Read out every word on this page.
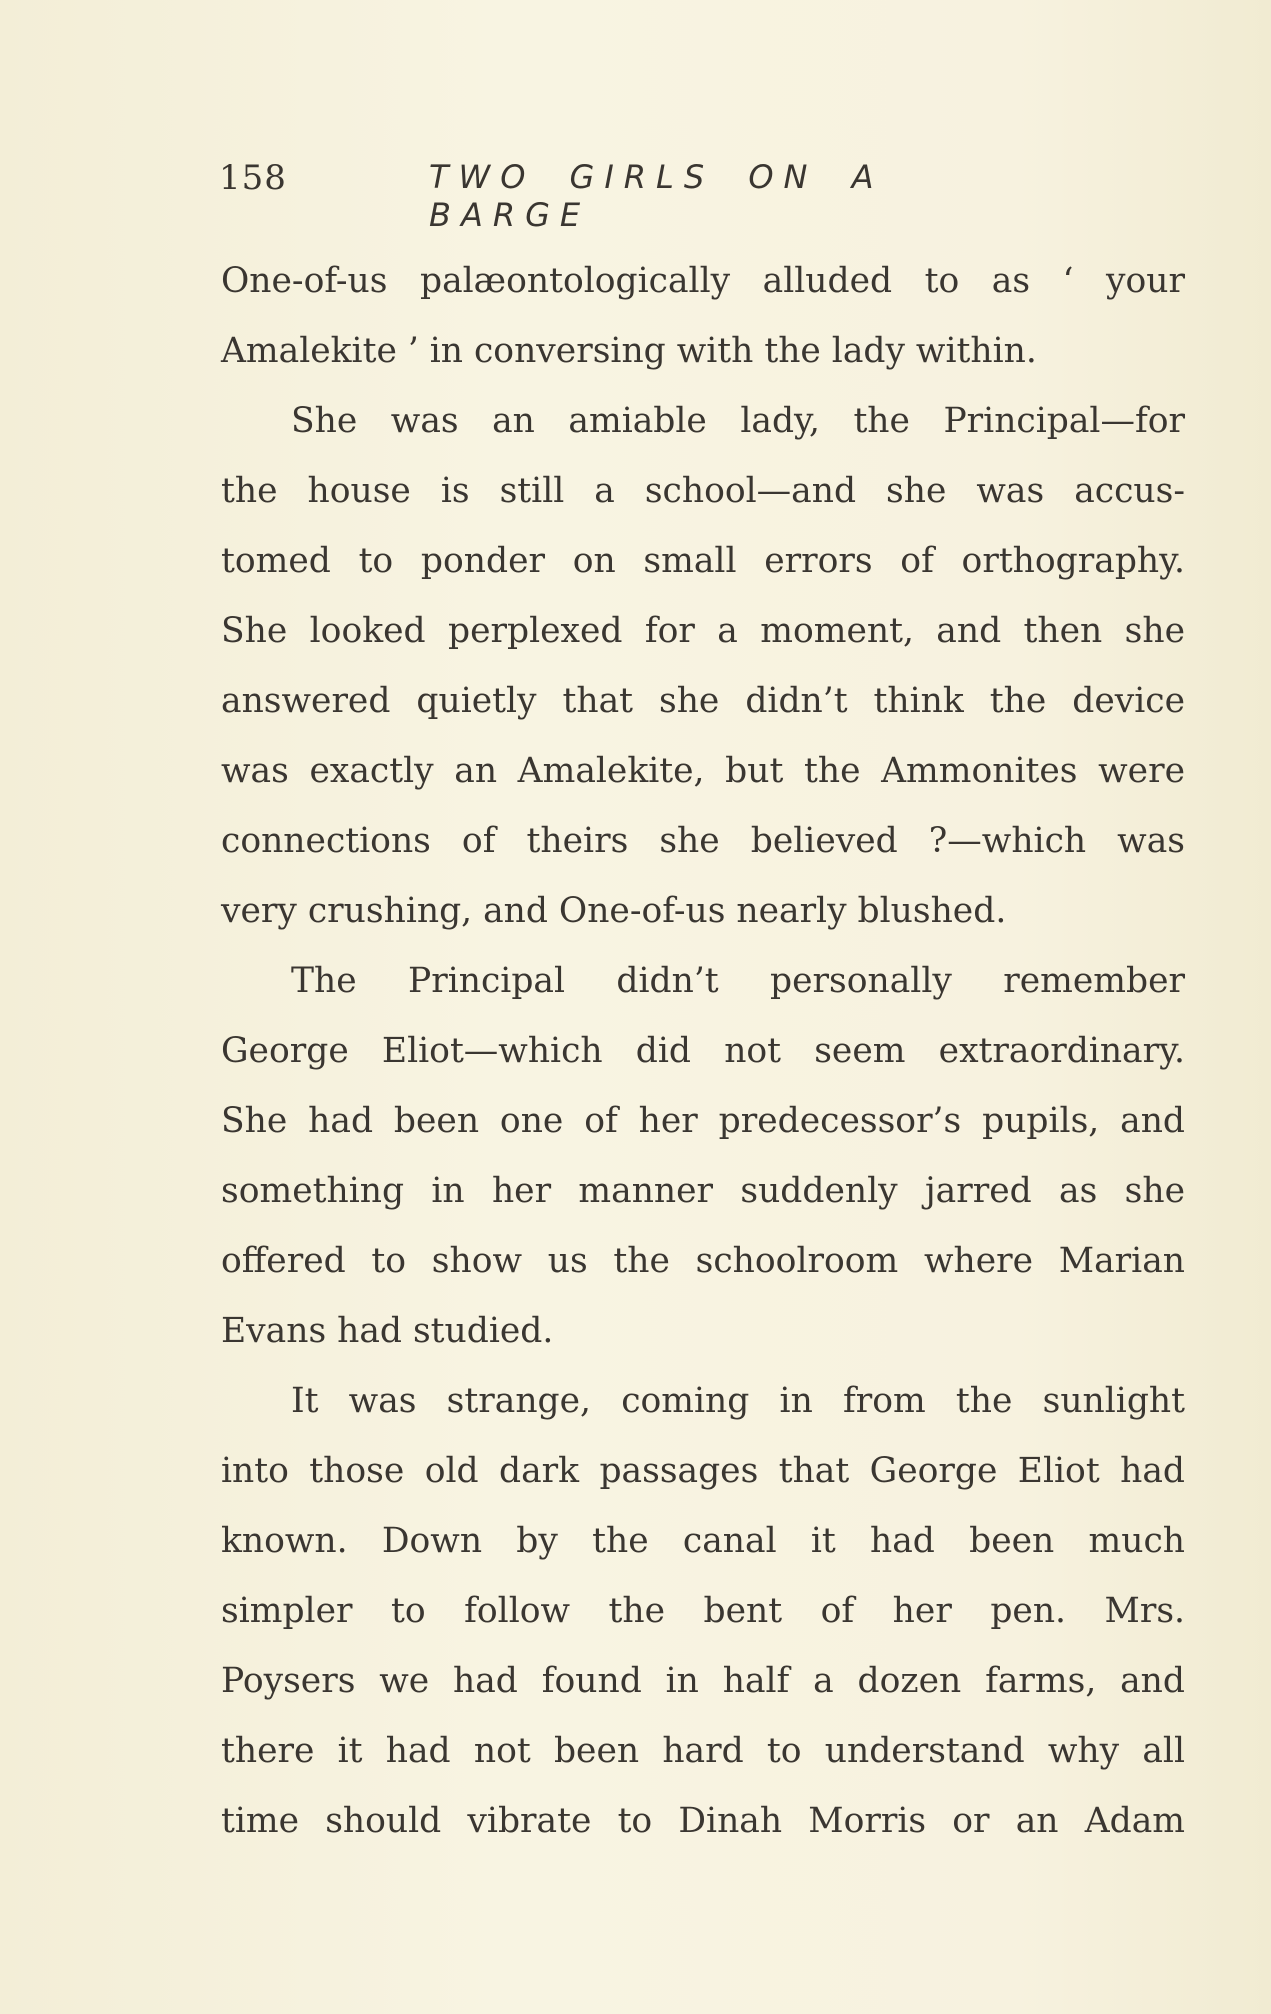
158	TWO GIRLS ON A BARGE
One-of-us palæontologically alluded to as ‘ your
Amalekite ’ in conversing with the lady within.
She was an amiable lady, the Principal—for
the house is still a school—and she was accus-
tomed to ponder on small errors of orthography.
She looked perplexed for a moment, and then she
answered quietly that she didn’t think the device
was exactly an Amalekite, but the Ammonites were
connections of theirs she believed ?—which was
very crushing, and One-of-us nearly blushed.
The Principal didn’t personally remember
George Eliot—which did not seem extraordinary.
She had been one of her predecessor’s pupils, and
something in her manner suddenly jarred as she
offered to show us the schoolroom where Marian
Evans had studied.
It was strange, coming in from the sunlight
into those old dark passages that George Eliot had
known. Down by the canal it had been much
simpler to follow the bent of her pen. Mrs.
Poysers we had found in half a dozen farms, and
there it had not been hard to understand why all
time should vibrate to Dinah Morris or an Adam
